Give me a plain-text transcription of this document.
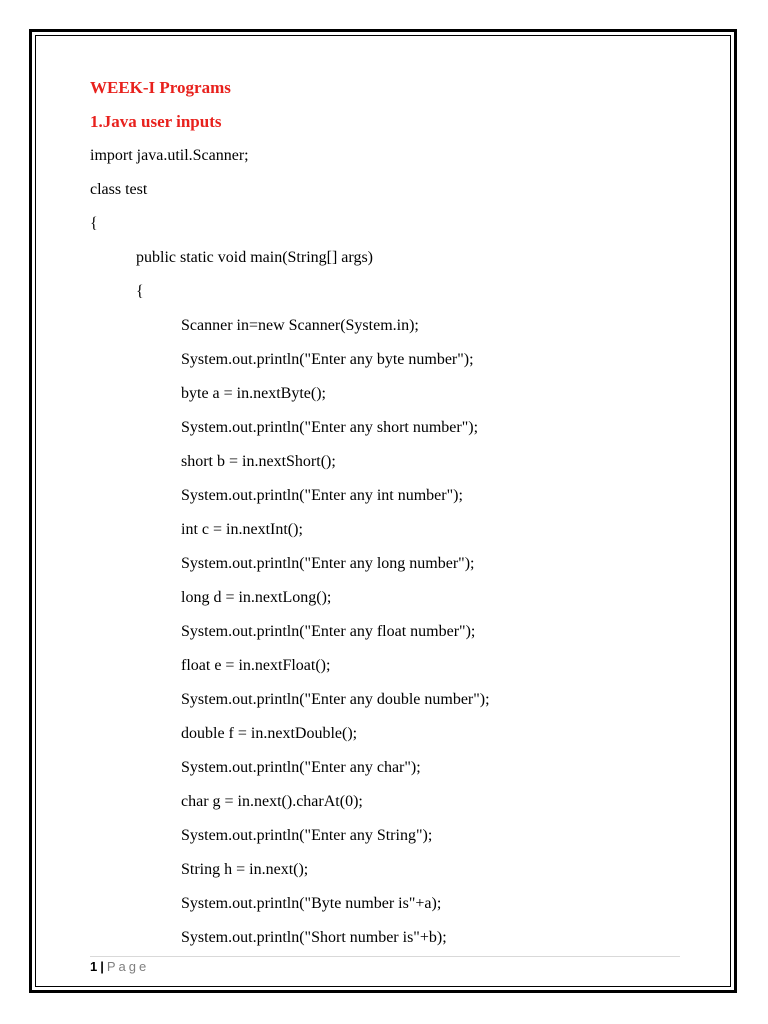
WEEK-I Programs
1.Java user inputs
import java.util.Scanner;
class test
{
public static void main(String[] args)
{
Scanner in=new Scanner(System.in);
System.out.println("Enter any byte number");
byte a = in.nextByte();
System.out.println("Enter any short number");
short b = in.nextShort();
System.out.println("Enter any int number");
int c = in.nextInt();
System.out.println("Enter any long number");
long d = in.nextLong();
System.out.println("Enter any float number");
float e = in.nextFloat();
System.out.println("Enter any double number");
double f = in.nextDouble();
System.out.println("Enter any char");
char g = in.next().charAt(0);
System.out.println("Enter any String");
String h = in.next();
System.out.println("Byte number is"+a);
System.out.println("Short number is"+b);
1 | Page
